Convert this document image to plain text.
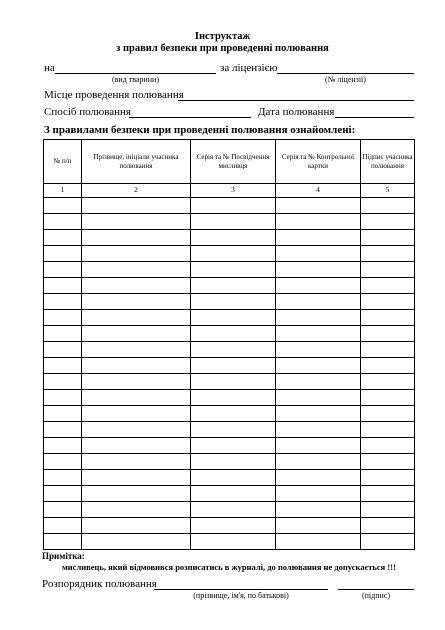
Інструктаж
з правил безпеки при проведенні полювання
на	за ліцензією
(вид тварини)	(№ ліцензії)
Місце проведення полювання
Спосіб полювання	Дата полювання
З правилами безпеки при проведенні полювання ознайомлені:
№ п/п	Прізвище, ініціали учасника полювання	Серія та № Посвідчення мисливця	Серія та № Контрольної картки	Підпис учасника полювання
1	2	3	4	5

Примітка:
мисливець, який відмовився розписатись в журналі, до полювання не допускається !!!
Розпорядник полювання
(прізвище, ім'я, по батькові)	(підпис)
